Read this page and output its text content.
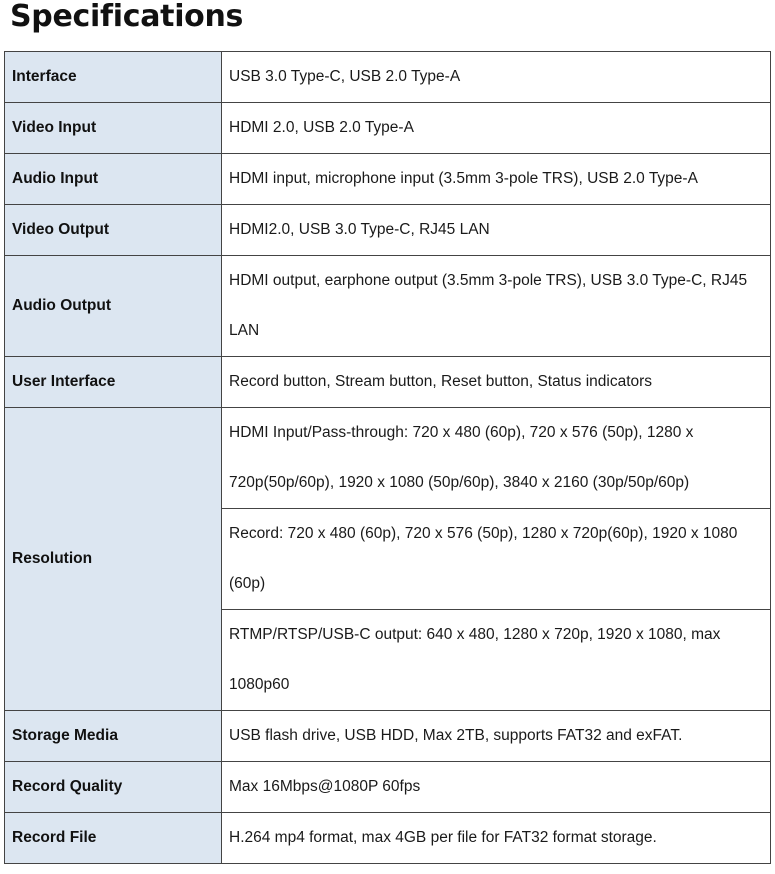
Specifications
Interface	USB 3.0 Type-C, USB 2.0 Type-A
Video Input	HDMI 2.0, USB 2.0 Type-A
Audio Input	HDMI input, microphone input (3.5mm 3-pole TRS), USB 2.0 Type-A
Video Output	HDMI2.0, USB 3.0 Type-C, RJ45 LAN
Audio Output	HDMI output, earphone output (3.5mm 3-pole TRS), USB 3.0 Type-C, RJ45 LAN
User Interface	Record button, Stream button, Reset button, Status indicators
Resolution	HDMI Input/Pass-through: 720 x 480 (60p), 720 x 576 (50p), 1280 x 720p(50p/60p), 1920 x 1080 (50p/60p), 3840 x 2160 (30p/50p/60p)
	Record: 720 x 480 (60p), 720 x 576 (50p), 1280 x 720p(60p), 1920 x 1080 (60p)
	RTMP/RTSP/USB-C output: 640 x 480, 1280 x 720p, 1920 x 1080, max 1080p60
Storage Media	USB flash drive, USB HDD, Max 2TB, supports FAT32 and exFAT.
Record Quality	Max 16Mbps@1080P 60fps
Record File	H.264 mp4 format, max 4GB per file for FAT32 format storage.
